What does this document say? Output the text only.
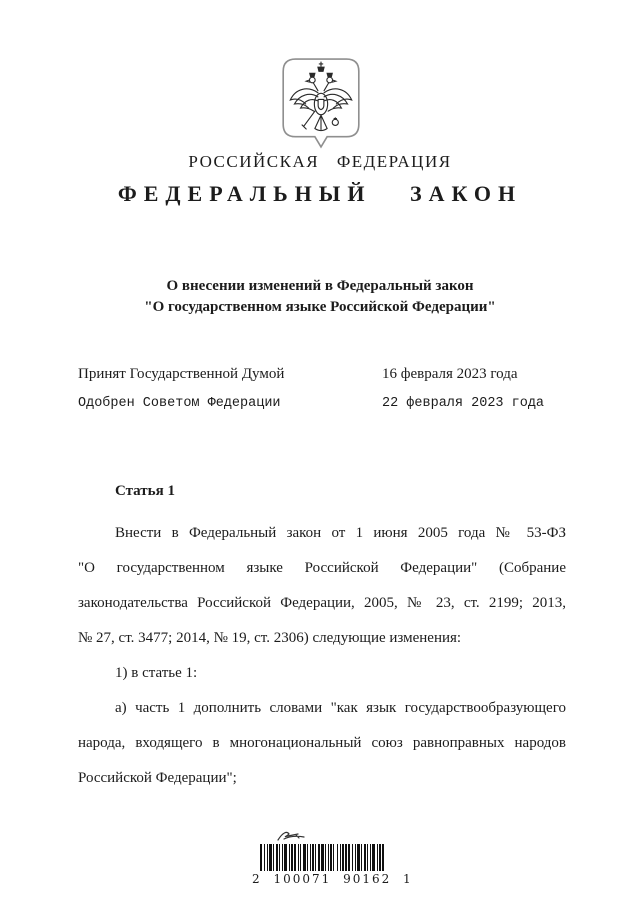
РОССИЙСКАЯ ФЕДЕРАЦИЯ
ФЕДЕРАЛЬНЫЙ ЗАКОН
О внесении изменений в Федеральный закон
"О государственном языке Российской Федерации"
Принят Государственной Думой	16 февраля 2023 года
Одобрен Советом Федерации	22 февраля 2023 года
Статья 1
Внести в Федеральный закон от 1 июня 2005 года № 53-ФЗ
"О государственном языке Российской Федерации" (Собрание
законодательства Российской Федерации, 2005, № 23, ст. 2199; 2013,
№ 27, ст. 3477; 2014, № 19, ст. 2306) следующие изменения:
1) в статье 1:
а) часть 1 дополнить словами "как язык государствообразующего
народа, входящего в многонациональный союз равноправных народов
Российской Федерации";
2 100071 90162 1
